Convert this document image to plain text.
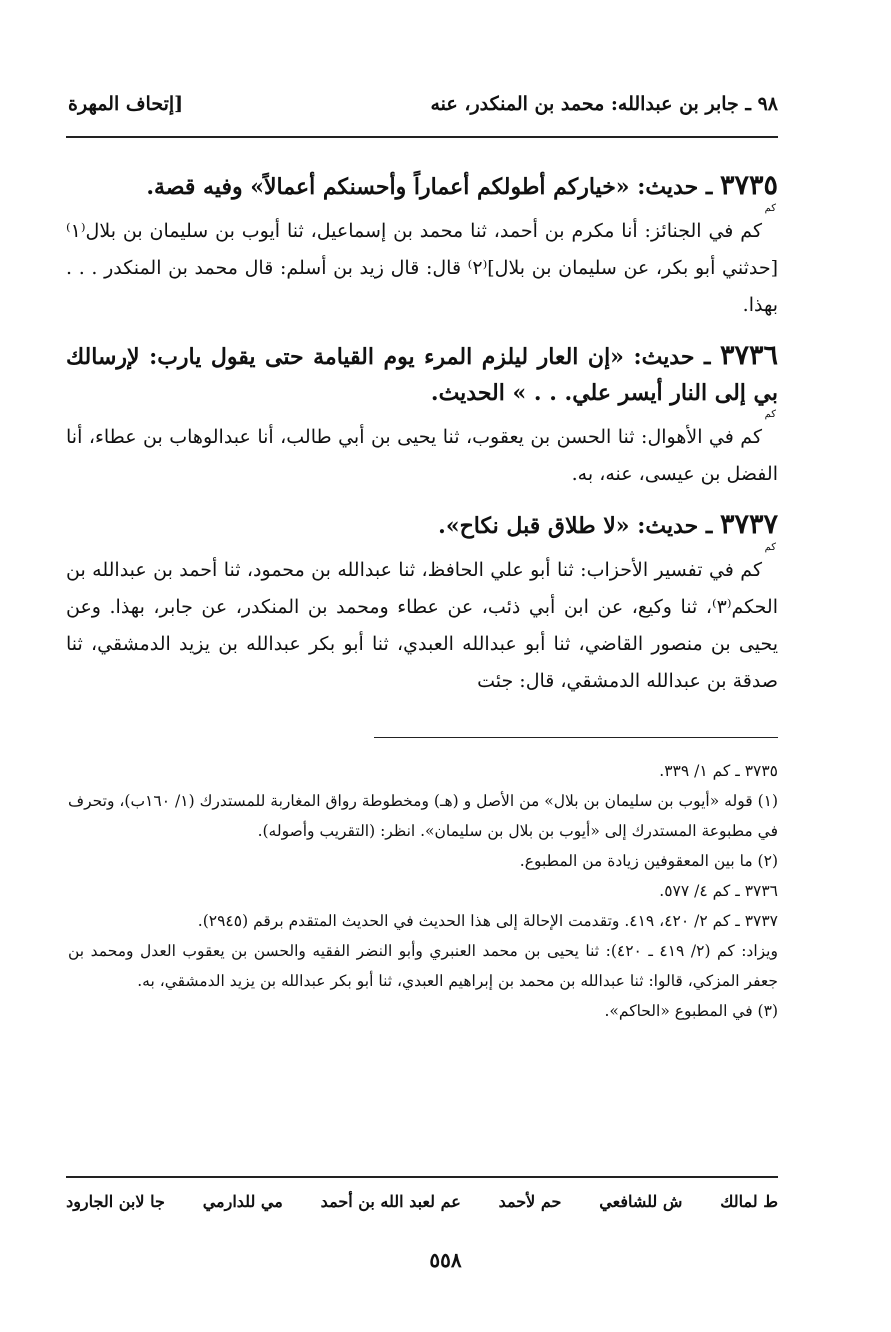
٩٨ ـ جابر بن عبدالله: محمد بن المنكدر، عنه
[إتحاف المهرة

٣٧٣٥ ـ حديث: «خياركم أطولكم أعماراً وأحسنكم أعمالاً» وفيه قصة.

كم

كم في الجنائز: أنا مكرم بن أحمد، ثنا محمد بن إسماعيل، ثنا أيوب بن سليمان بن بلال⁽١⁾ [حدثني أبو بكر، عن سليمان بن بلال]⁽٢⁾ قال: قال زيد بن أسلم: قال محمد بن المنكدر . . . بهذا.

٣٧٣٦ ـ حديث: «إن العار ليلزم المرء يوم القيامة حتى يقول يارب: لإرسالك بي إلى النار أيسر علي. . . » الحديث.

كم

كم في الأهوال: ثنا الحسن بن يعقوب، ثنا يحيى بن أبي طالب، أنا عبدالوهاب بن عطاء، أنا الفضل بن عيسى، عنه، به.

٣٧٣٧ ـ حديث: «لا طلاق قبل نكاح».

كم

كم في تفسير الأحزاب: ثنا أبو علي الحافظ، ثنا عبدالله بن محمود، ثنا أحمد بن عبدالله بن الحكم⁽٣⁾، ثنا وكيع، عن ابن أبي ذئب، عن عطاء ومحمد بن المنكدر، عن جابر، بهذا. وعن يحيى بن منصور القاضي، ثنا أبو عبدالله العبدي، ثنا أبو بكر عبدالله بن يزيد الدمشقي، ثنا صدقة بن عبدالله الدمشقي، قال: جئت

٣٧٣٥ ـ كم ١/ ٣٣٩.

(١) قوله «أيوب بن سليمان بن بلال» من الأصل و (هـ) ومخطوطة رواق المغاربة للمستدرك (١/ ١٦٠ب)، وتحرف في مطبوعة المستدرك إلى «أيوب بن بلال بن سليمان». انظر: (التقريب وأصوله).

(٢) ما بين المعقوفين زيادة من المطبوع.

٣٧٣٦ ـ كم ٤/ ٥٧٧.

٣٧٣٧ ـ كم ٢/ ٤٢٠، ٤١٩. وتقدمت الإحالة إلى هذا الحديث في الحديث المتقدم برقم (٢٩٤٥).

ويزاد: كم (٢/ ٤١٩ ـ ٤٢٠): ثنا يحيى بن محمد العنبري وأبو النضر الفقيه والحسن بن يعقوب العدل ومحمد بن جعفر المزكي، قالوا: ثنا عبدالله بن محمد بن إبراهيم العبدي، ثنا أبو بكر عبدالله بن يزيد الدمشقي، به.

(٣) في المطبوع «الحاكم».

ط لمالك
ش للشافعي
حم لأحمد
عم لعبد الله بن أحمد
مي للدارمي
جا لابن الجارود
٥٥٨
